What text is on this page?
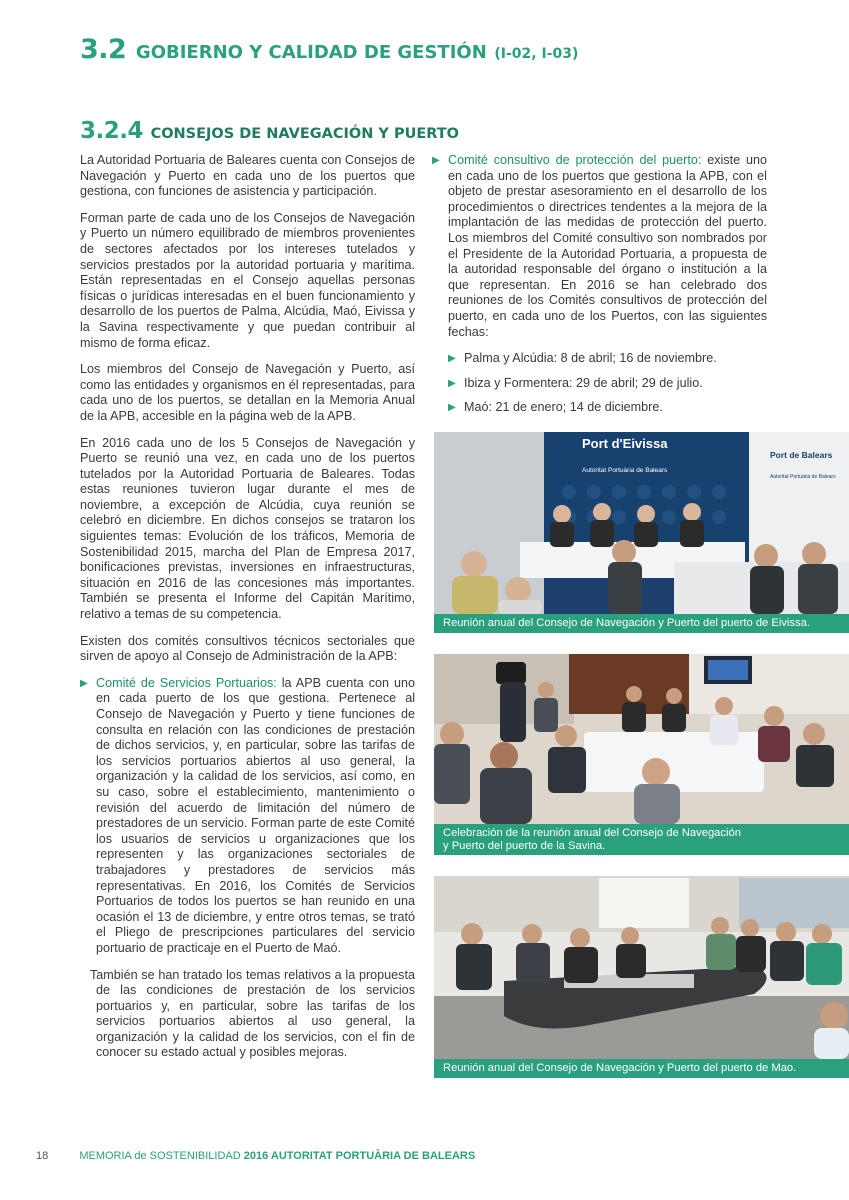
3.2 GOBIERNO Y CALIDAD DE GESTIÓN (I-02, I-03)
3.2.4 CONSEJOS DE NAVEGACIÓN Y PUERTO

La Autoridad Portuaria de Baleares cuenta con Consejos de Navegación y Puerto en cada uno de los puertos que gestiona, con funciones de asistencia y participación.

Forman parte de cada uno de los Consejos de Navegación y Puerto un número equilibrado de miembros provenientes de sectores afectados por los intereses tutelados y servicios prestados por la autoridad portuaria y marítima. Están representadas en el Consejo aquellas personas físicas o jurídicas interesadas en el buen funcionamiento y desarrollo de los puertos de Palma, Alcúdia, Maó, Eivissa y la Savina respectivamente y que puedan contribuir al mismo de forma eficaz.

Los miembros del Consejo de Navegación y Puerto, así como las entidades y organismos en él representadas, para cada uno de los puertos, se detallan en la Memoria Anual de la APB, accesible en la página web de la APB.

En 2016 cada uno de los 5 Consejos de Navegación y Puerto se reunió una vez, en cada uno de los puertos tutelados por la Autoridad Portuaria de Baleares. Todas estas reuniones tuvieron lugar durante el mes de noviembre, a excepción de Alcúdia, cuya reunión se celebró en diciembre. En dichos consejos se trataron los siguientes temas: Evolución de los tráficos, Memoria de Sostenibilidad 2015, marcha del Plan de Empresa 2017, bonificaciones previstas, inversiones en infraestructuras, situación en 2016 de las concesiones más importantes. También se presenta el Informe del Capitán Marítimo, relativo a temas de su competencia.

Existen dos comités consultivos técnicos sectoriales que sirven de apoyo al Consejo de Administración de la APB:

▶ Comité de Servicios Portuarios: la APB cuenta con uno en cada puerto de los que gestiona. Pertenece al Consejo de Navegación y Puerto y tiene funciones de consulta en relación con las condiciones de prestación de dichos servicios, y, en particular, sobre las tarifas de los servicios portuarios abiertos al uso general, la organización y la calidad de los servicios, así como, en su caso, sobre el establecimiento, mantenimiento o revisión del acuerdo de limitación del número de prestadores de un servicio. Forman parte de este Comité los usuarios de servicios u organizaciones que los representen y las organizaciones sectoriales de trabajadores y prestadores de servicios más representativas. En 2016, los Comités de Servicios Portuarios de todos los puertos se han reunido en una ocasión el 13 de diciembre, y entre otros temas, se trató el Pliego de prescripciones particulares del servicio portuario de practicaje en el Puerto de Maó.

También se han tratado los temas relativos a la propuesta de las condiciones de prestación de los servicios portuarios y, en particular, sobre las tarifas de los servicios portuarios abiertos al uso general, la organización y la calidad de los servicios, con el fin de conocer su estado actual y posibles mejoras.

▶ Comité consultivo de protección del puerto: existe uno en cada uno de los puertos que gestiona la APB, con el objeto de prestar asesoramiento en el desarrollo de los procedimientos o directrices tendentes a la mejora de la implantación de las medidas de protección del puerto. Los miembros del Comité consultivo son nombrados por el Presidente de la Autoridad Portuaria, a propuesta de la autoridad responsable del órgano o institución a la que representan. En 2016 se han celebrado dos reuniones de los Comités consultivos de protección del puerto, en cada uno de los Puertos, con las siguientes fechas:
▶ Palma y Alcúdia: 8 de abril; 16 de noviembre.
▶ Ibiza y Formentera: 29 de abril; 29 de julio.
▶ Maó: 21 de enero; 14 de diciembre.
Port d'Eivissa
Autoritat Portuària de Balears
Port de Balears
Autoritat Portuària de Balears
Reunión anual del Consejo de Navegación y Puerto del puerto de Eivissa.
Celebración de la reunión anual del Consejo de Navegación
y Puerto del puerto de la Savina.
Reunión anual del Consejo de Navegación y Puerto del puerto de Mao.
18	MEMORIA de SOSTENIBILIDAD 2016 AUTORITAT PORTUÀRIA DE BALEARS
